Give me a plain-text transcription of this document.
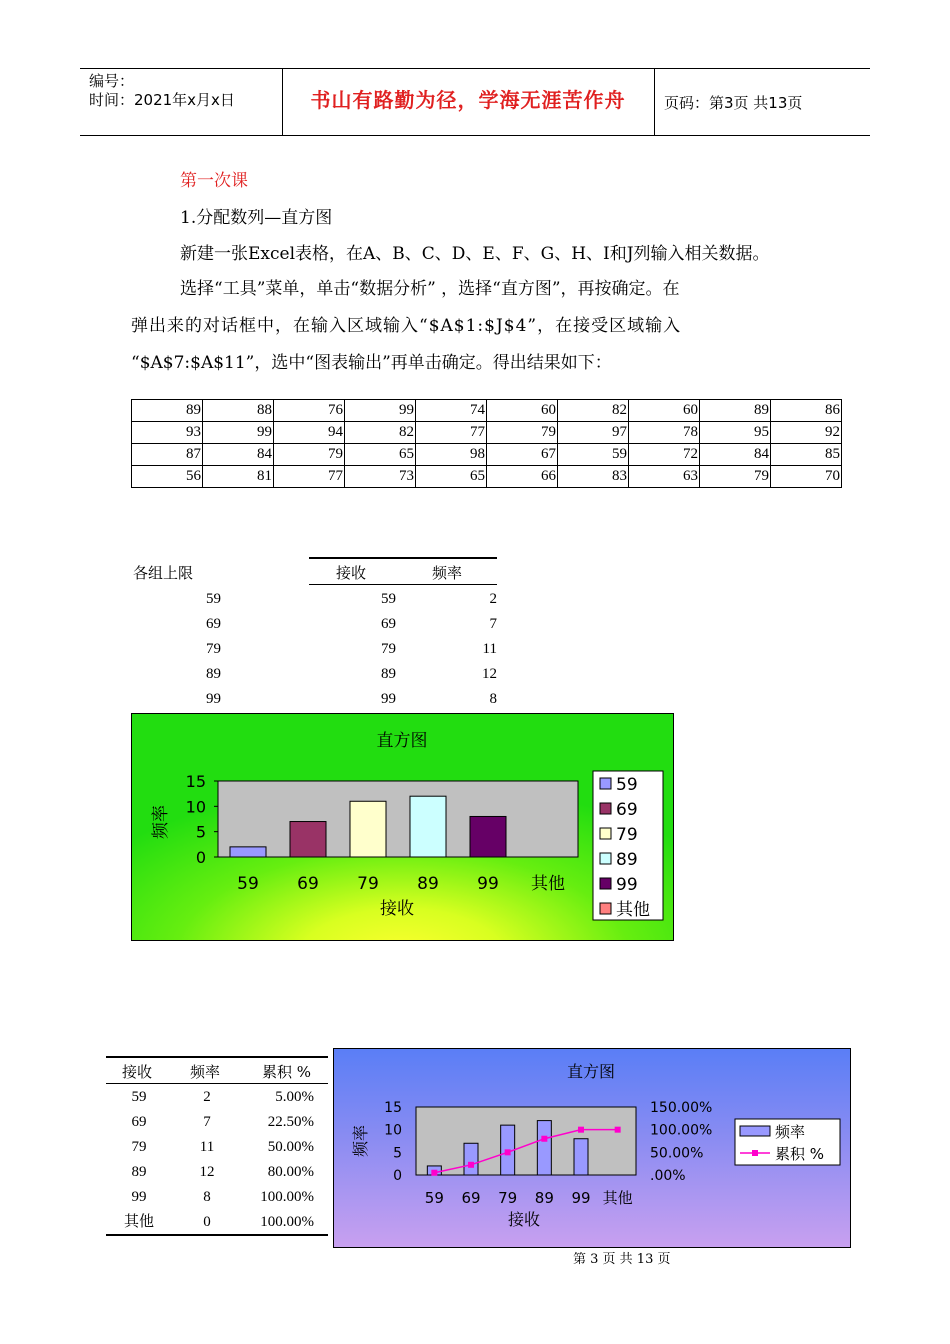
编号：
时间：2021年x月x日	书山有路勤为径，学海无涯苦作舟	页码：第3页 共13页
第一次课
1.分配数列—直方图
新建一张Excel表格，在A、B、C、D、E、F、G、H、I和J列输入相关数据。
选择“工具”菜单，单击“数据分析” ，选择“直方图”，再按确定。在
弹出来的对话框中，在输入区域输入“$A$1:$J$4”，在接受区域输入
“$A$7:$A$11”，选中“图表输出”再单击确定。得出结果如下：
89	88	76	99	74	60	82	60	89	86
93	99	94	82	77	79	97	78	95	92
87	84	79	65	98	67	59	72	84	85
56	81	77	73	65	66	83	63	79	70
各组上限
59
69
79
89
99
接收	频率
59	2
69	7
79	11
89	12
99	8
直方图
0
5
10
15
59 69 79 89 99 其他
接收
频率
59
69
79
89
99
其他
接收	频率	累积 %
59	2	5.00%
69	7	22.50%
79	11	50.00%
89	12	80.00%
99	8	100.00%
其他	0	100.00%
直方图
0
5
10
15
.00%
50.00%
100.00%
150.00%
59 69 79 89 99 其他
接收
频率	频率
累积 %
第 3 页 共 13 页
